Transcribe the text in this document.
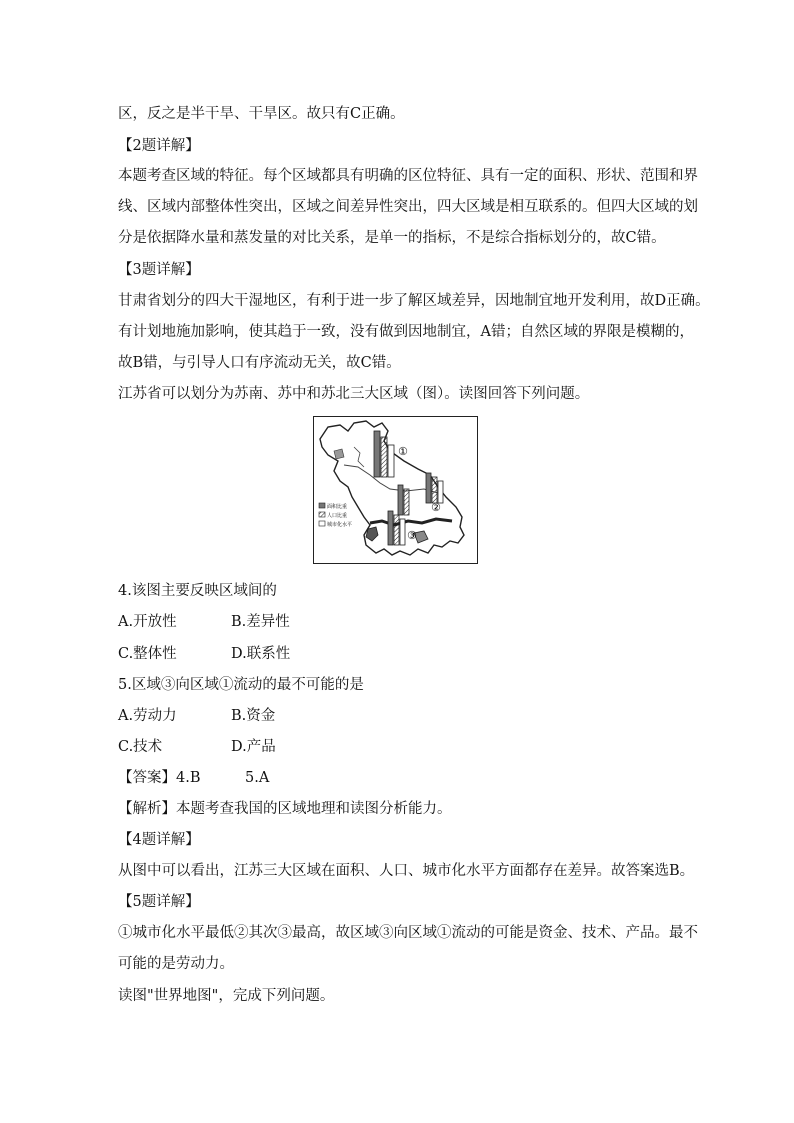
区，反之是半干旱、干旱区。故只有C正确。
【2题详解】
本题考查区域的特征。每个区域都具有明确的区位特征、具有一定的面积、形状、范围和界
线、区域内部整体性突出，区域之间差异性突出，四大区域是相互联系的。但四大区域的划
分是依据降水量和蒸发量的对比关系，是单一的指标，不是综合指标划分的，故C错。
【3题详解】
甘肃省划分的四大干湿地区，有利于进一步了解区域差异，因地制宜地开发利用，故D正确。
有计划地施加影响，使其趋于一致，没有做到因地制宜，A错；自然区域的界限是模糊的，
故B错，与引导人口有序流动无关，故C错。
江苏省可以划分为苏南、苏中和苏北三大区域（图）。读图回答下列问题。
①
②
③
面积比重
人口比重
城市化水平
4.该图主要反映区域间的
A.开放性	B.差异性
C.整体性	D.联系性
5.区域③向区域①流动的最不可能的是
A.劳动力	B.资金
C.技术	D.产品
【答案】4.B	5.A
【解析】本题考查我国的区域地理和读图分析能力。
【4题详解】
从图中可以看出，江苏三大区域在面积、人口、城市化水平方面都存在差异。故答案选B。
【5题详解】
①城市化水平最低②其次③最高，故区域③向区域①流动的可能是资金、技术、产品。最不
可能的是劳动力。
读图"世界地图"，完成下列问题。
